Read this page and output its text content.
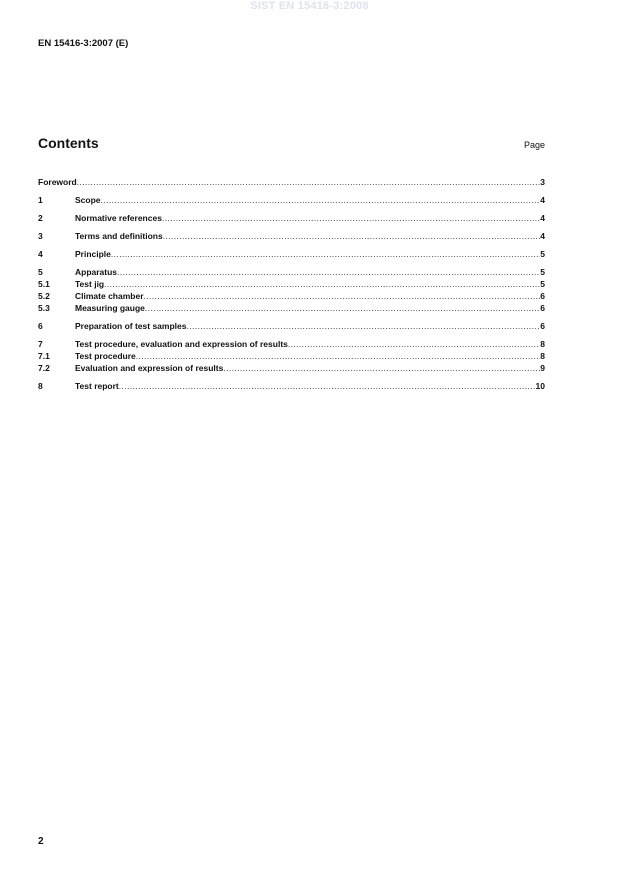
SIST EN 15416-3:2008
EN 15416-3:2007 (E)
Contents	Page
Foreword .....	3
1	Scope .....	4
2	Normative references .....	4
3	Terms and definitions .....	4
4	Principle .....	5
5	Apparatus .....	5
5.1	Test jig .....	5
5.2	Climate chamber .....	6
5.3	Measuring gauge .....	6
6	Preparation of test samples .....	6
7	Test procedure, evaluation and expression of results .....	8
7.1	Test procedure .....	8
7.2	Evaluation and expression of results .....	9
8	Test report .....	10
2
